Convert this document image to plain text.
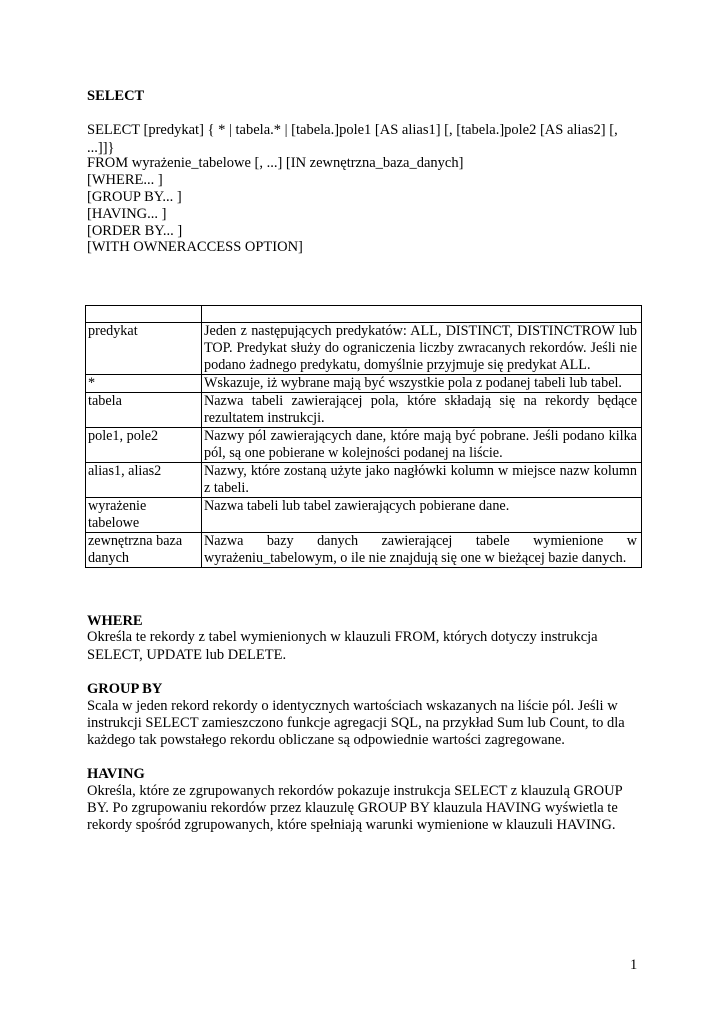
SELECT
SELECT [predykat] { * | tabela.* | [tabela.]pole1 [AS alias1] [, [tabela.]pole2 [AS alias2] [,
...]]}
FROM wyrażenie_tabelowe [, ...] [IN zewnętrzna_baza_danych]
[WHERE... ]
[GROUP BY... ]
[HAVING... ]
[ORDER BY... ]
[WITH OWNERACCESS OPTION]

predykat	Jeden z następujących predykatów: ALL, DISTINCT, DISTINCTROW lub TOP. Predykat służy do ograniczenia liczby zwracanych rekordów. Jeśli nie podano żadnego predykatu, domyślnie przyjmuje się predykat ALL.
*	Wskazuje, iż wybrane mają być wszystkie pola z podanej tabeli lub tabel.
tabela	Nazwa tabeli zawierającej pola, które składają się na rekordy będące rezultatem instrukcji.
pole1, pole2	Nazwy pól zawierających dane, które mają być pobrane. Jeśli podano kilka pól, są one pobierane w kolejności podanej na liście.
alias1, alias2	Nazwy, które zostaną użyte jako nagłówki kolumn w miejsce nazw kolumn z tabeli.
wyrażenie tabelowe	Nazwa tabeli lub tabel zawierających pobierane dane.
zewnętrzna baza danych	Nazwa bazy danych zawierającej tabele wymienione w wyrażeniu_tabelowym, o ile nie znajdują się one w bieżącej bazie danych.
WHERE
Określa te rekordy z tabel wymienionych w klauzuli FROM, których dotyczy instrukcja
SELECT, UPDATE lub DELETE.
GROUP BY
Scala w jeden rekord rekordy o identycznych wartościach wskazanych na liście pól. Jeśli w
instrukcji SELECT zamieszczono funkcje agregacji SQL, na przykład Sum lub Count, to dla
każdego tak powstałego rekordu obliczane są odpowiednie wartości zagregowane.
HAVING
Określa, które ze zgrupowanych rekordów pokazuje instrukcja SELECT z klauzulą GROUP
BY. Po zgrupowaniu rekordów przez klauzulę GROUP BY klauzula HAVING wyświetla te
rekordy spośród zgrupowanych, które spełniają warunki wymienione w klauzuli HAVING.
1
